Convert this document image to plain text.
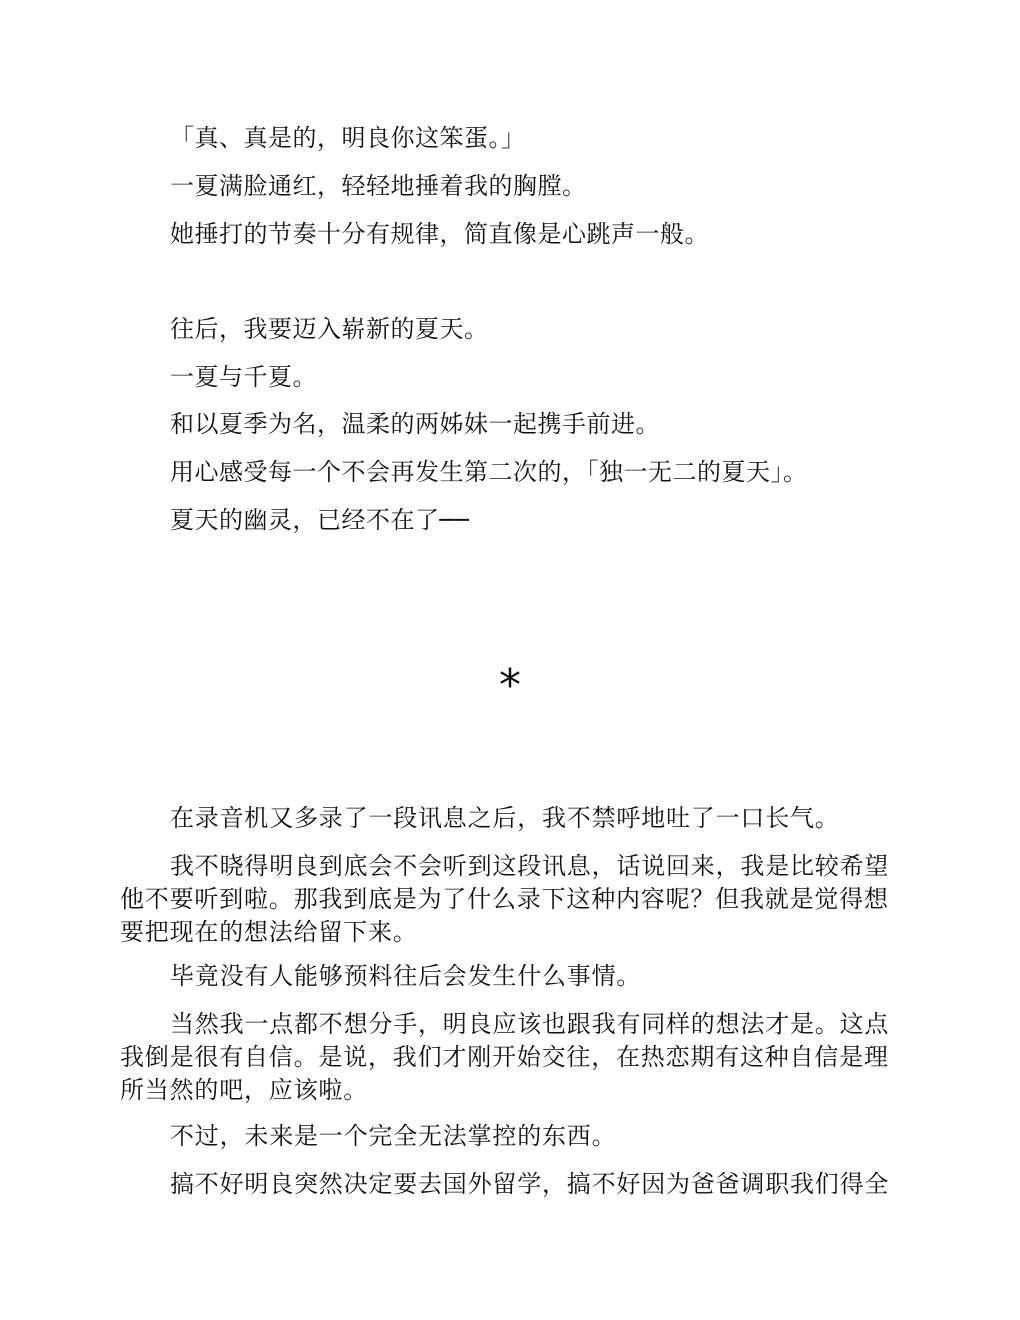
「真、真是的，明良你这笨蛋。」
一夏满脸通红，轻轻地捶着我的胸膛。
她捶打的节奏十分有规律，简直像是心跳声一般。
往后，我要迈入崭新的夏天。
一夏与千夏。
和以夏季为名，温柔的两姊妹一起携手前进。
用心感受每一个不会再发生第二次的，「独一无二的夏天」。
夏天的幽灵，已经不在了──
*
在录音机又多录了一段讯息之后，我不禁呼地吐了一口长气。
我不晓得明良到底会不会听到这段讯息，话说回来，我是比较希望他不要听到啦。那我到底是为了什么录下这种内容呢？但我就是觉得想要把现在的想法给留下来。
毕竟没有人能够预料往后会发生什么事情。
当然我一点都不想分手，明良应该也跟我有同样的想法才是。这点我倒是很有自信。是说，我们才刚开始交往，在热恋期有这种自信是理所当然的吧，应该啦。
不过，未来是一个完全无法掌控的东西。
搞不好明良突然决定要去国外留学，搞不好因为爸爸调职我们得全
